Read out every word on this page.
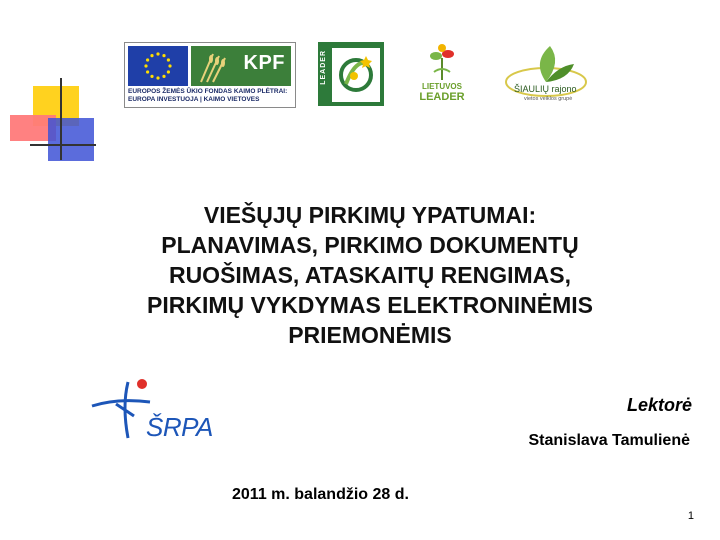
KPF
EUROPOS ŽEMĖS ŪKIO FONDAS KAIMO PLĖTRAI:
EUROPA INVESTUOJA | KAIMO VIETOVES
LEADER
LIETUVOS
LEADER
ŠIAULIŲ rajono
vietos veiklos grupė
VIEŠŲJŲ PIRKIMŲ YPATUMAI:
PLANAVIMAS, PIRKIMO DOKUMENTŲ
RUOŠIMAS, ATASKAITŲ RENGIMAS,
PIRKIMŲ VYKDYMAS ELEKTRONINĖMIS
PRIEMONĖMIS
ŠRPA
Lektorė
Stanislava Tamulienė
2011 m. balandžio 28 d.
1
